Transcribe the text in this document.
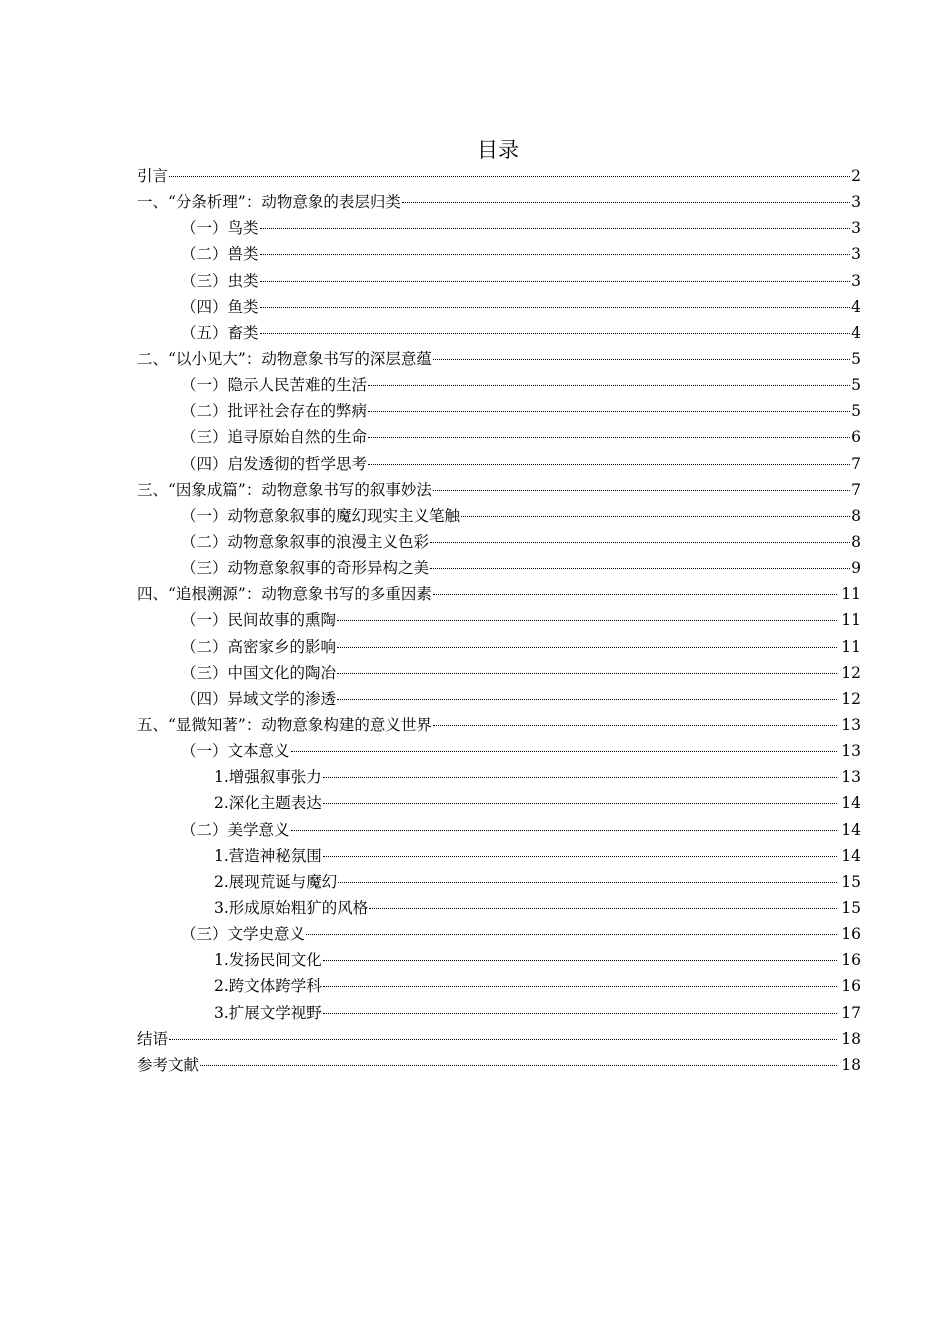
目录
引言	2
一、“分条析理”：动物意象的表层归类	3
（一）鸟类	3
（二）兽类	3
（三）虫类	3
（四）鱼类	4
（五）畜类	4
二、“以小见大”：动物意象书写的深层意蕴	5
（一）隐示人民苦难的生活	5
（二）批评社会存在的弊病	5
（三）追寻原始自然的生命	6
（四）启发透彻的哲学思考	7
三、“因象成篇”：动物意象书写的叙事妙法	7
（一）动物意象叙事的魔幻现实主义笔触	8
（二）动物意象叙事的浪漫主义色彩	8
（三）动物意象叙事的奇形异构之美	9
四、“追根溯源”：动物意象书写的多重因素	11
（一）民间故事的熏陶	11
（二）高密家乡的影响	11
（三）中国文化的陶冶	12
（四）异域文学的渗透	12
五、“显微知著”：动物意象构建的意义世界	13
（一）文本意义	13
1.增强叙事张力	13
2.深化主题表达	14
（二）美学意义	14
1.营造神秘氛围	14
2.展现荒诞与魔幻	15
3.形成原始粗犷的风格	15
（三）文学史意义	16
1.发扬民间文化	16
2.跨文体跨学科	16
3.扩展文学视野	17
结语	18
参考文献	18
